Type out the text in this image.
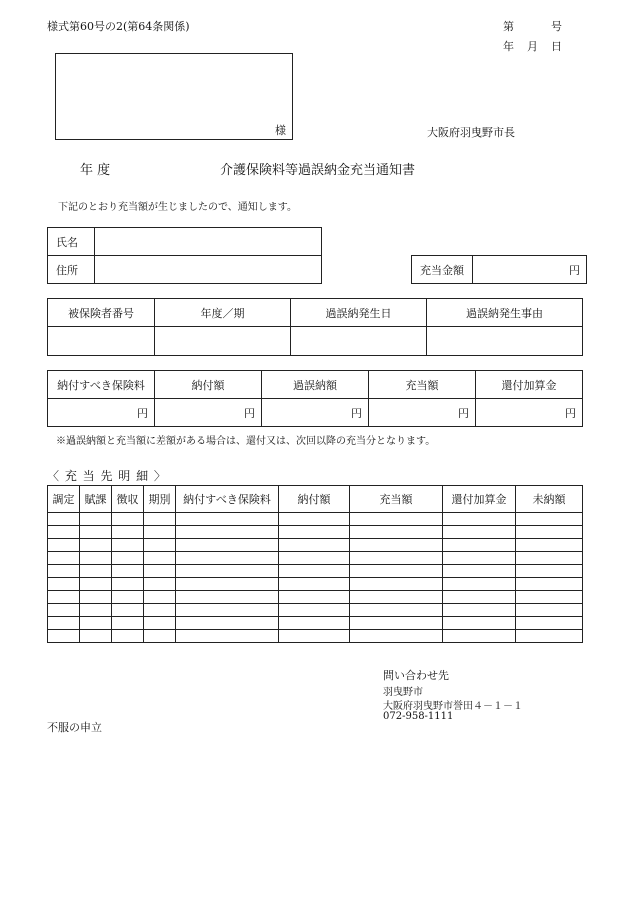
様式第60号の2(第64条関係)	第	号
年 月 日
様	大阪府羽曳野市長
年 度	介護保険料等過誤納金充当通知書
下記のとおり充当額が生じましたので、通知します。
氏名	
住所		充当金額	円
被保険者番号	年度／期	過誤納発生日	過誤納発生事由

納付すべき保険料	納付額	過誤納額	充当額	還付加算金
円	円	円	円	円
※過誤納額と充当額に差額がある場合は、還付又は、次回以降の充当分となります。
〈 充 当 先 明 細 〉
調定	賦課	徴収	期別	納付すべき保険料	納付額	充当額	還付加算金	未納額

問い合わせ先
羽曳野市
大阪府羽曳野市誉田４－１－１
072-958-1111
不服の申立
